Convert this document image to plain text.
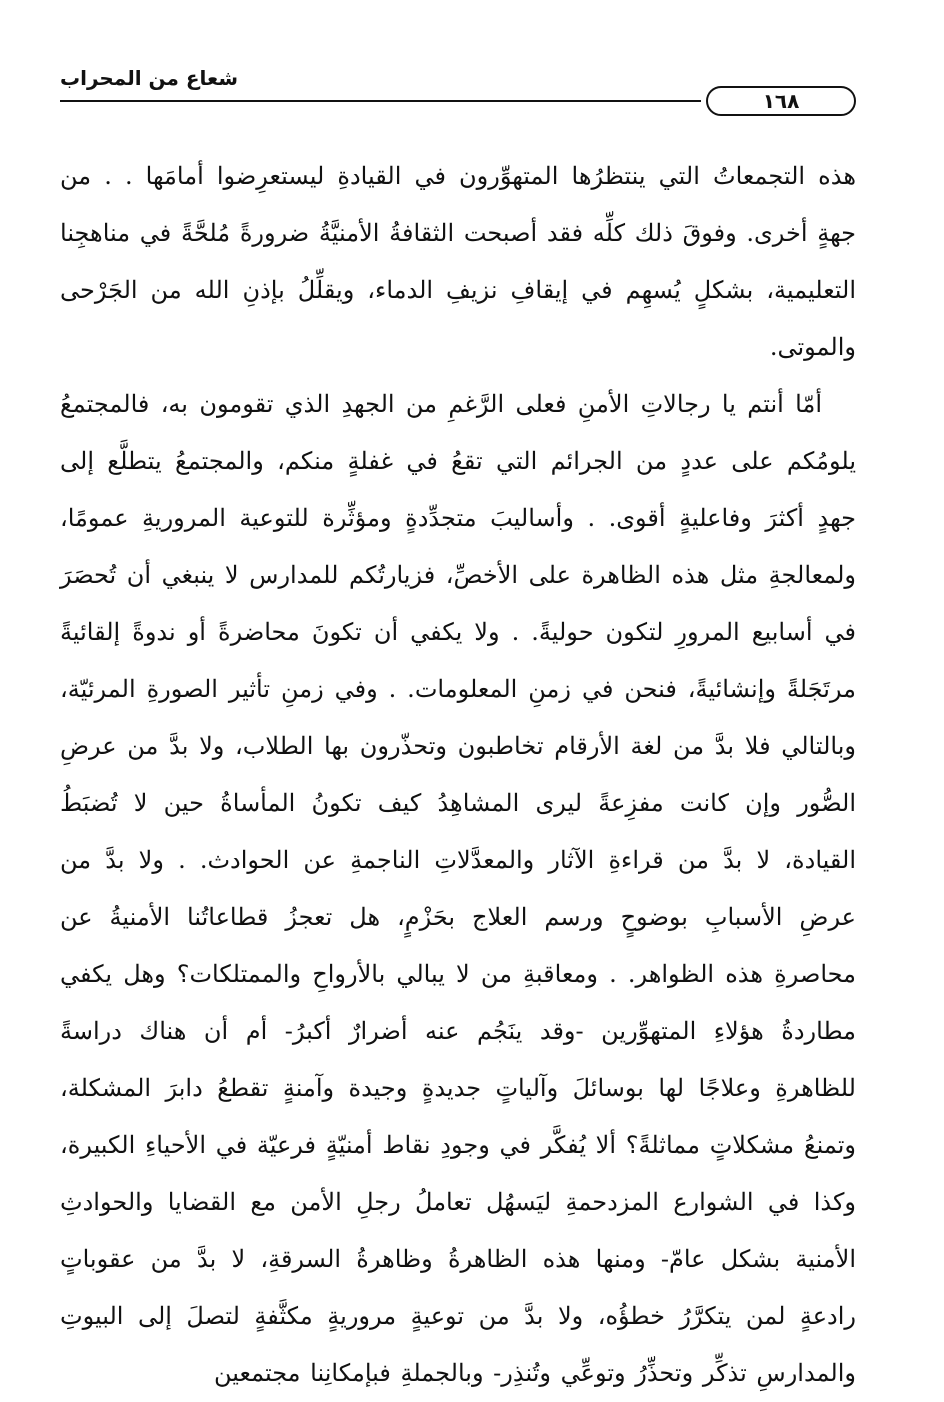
شعاع من المحراب
١٦٨

هذه التجمعاتُ التي ينتظرُها المتهوِّرون في القيادةِ ليستعرِضوا أمامَها . . من جهةٍ أخرى. وفوقَ ذلك كلِّه فقد أصبحت الثقافةُ الأمنيَّةُ ضرورةً مُلحَّةً في مناهجِنا التعليمية، بشكلٍ يُسهِم في إيقافِ نزيفِ الدماء، ويقلِّلُ بإذنِ الله من الجَرْحى والموتى.

أمّا أنتم يا رجالاتِ الأمنِ فعلى الرَّغمِ من الجهدِ الذي تقومون به، فالمجتمعُ يلومُكم على عددٍ من الجرائم التي تقعُ في غفلةٍ منكم، والمجتمعُ يتطلَّع إلى جهدٍ أكثرَ وفاعليةٍ أقوى. . وأساليبَ متجدِّدةٍ ومؤثِّرة للتوعية المروريةِ عمومًا، ولمعالجةِ مثل هذه الظاهرة على الأخصِّ، فزيارتُكم للمدارس لا ينبغي أن تُحصَرَ في أسابيع المرورِ لتكون حوليةً. . ولا يكفي أن تكونَ محاضرةً أو ندوةً إلقائيةً مرتَجَلةً وإنشائيةً، فنحن في زمنِ المعلومات. . وفي زمنِ تأثير الصورةِ المرئيّة، وبالتالي فلا بدَّ من لغة الأرقام تخاطبون وتحذّرون بها الطلاب، ولا بدَّ من عرضِ الصُّور وإن كانت مفزِعةً ليرى المشاهِدُ كيف تكونُ المأساةُ حين لا تُضبَطُ القيادة، لا بدَّ من قراءةِ الآثار والمعدَّلاتِ الناجمةِ عن الحوادث. . ولا بدَّ من عرضِ الأسبابِ بوضوحٍ ورسم العلاج بحَزْمٍ، هل تعجزُ قطاعاتُنا الأمنيةُ عن محاصرةِ هذه الظواهر. . ومعاقبةِ من لا يبالي بالأرواحِ والممتلكات؟ وهل يكفي مطاردةُ هؤلاءِ المتهوِّرين -وقد ينَجُم عنه أضرارٌ أكبرُ- أم أن هناك دراسةً للظاهرةِ وعلاجًا لها بوسائلَ وآلياتٍ جديدةٍ وجيدة وآمنةٍ تقطعُ دابرَ المشكلة، وتمنعُ مشكلاتٍ مماثلةً؟ ألا يُفكَّر في وجودِ نقاط أمنيّةٍ فرعيّة في الأحياءِ الكبيرة، وكذا في الشوارع المزدحمةِ ليَسهُل تعاملُ رجلِ الأمن مع القضايا والحوادثِ الأمنية بشكل عامّ- ومنها هذه الظاهرةُ وظاهرةُ السرقةِ، لا بدَّ من عقوباتٍ رادعةٍ لمن يتكرَّرُ خطؤُه، ولا بدَّ من توعيةٍ مروريةٍ مكثَّفةٍ لتصلَ إلى البيوتِ والمدارسِ تذكِّر وتحذِّرُ وتوعِّي وتُنذِر- وبالجملةِ فبإمكانِنا مجتمعين
